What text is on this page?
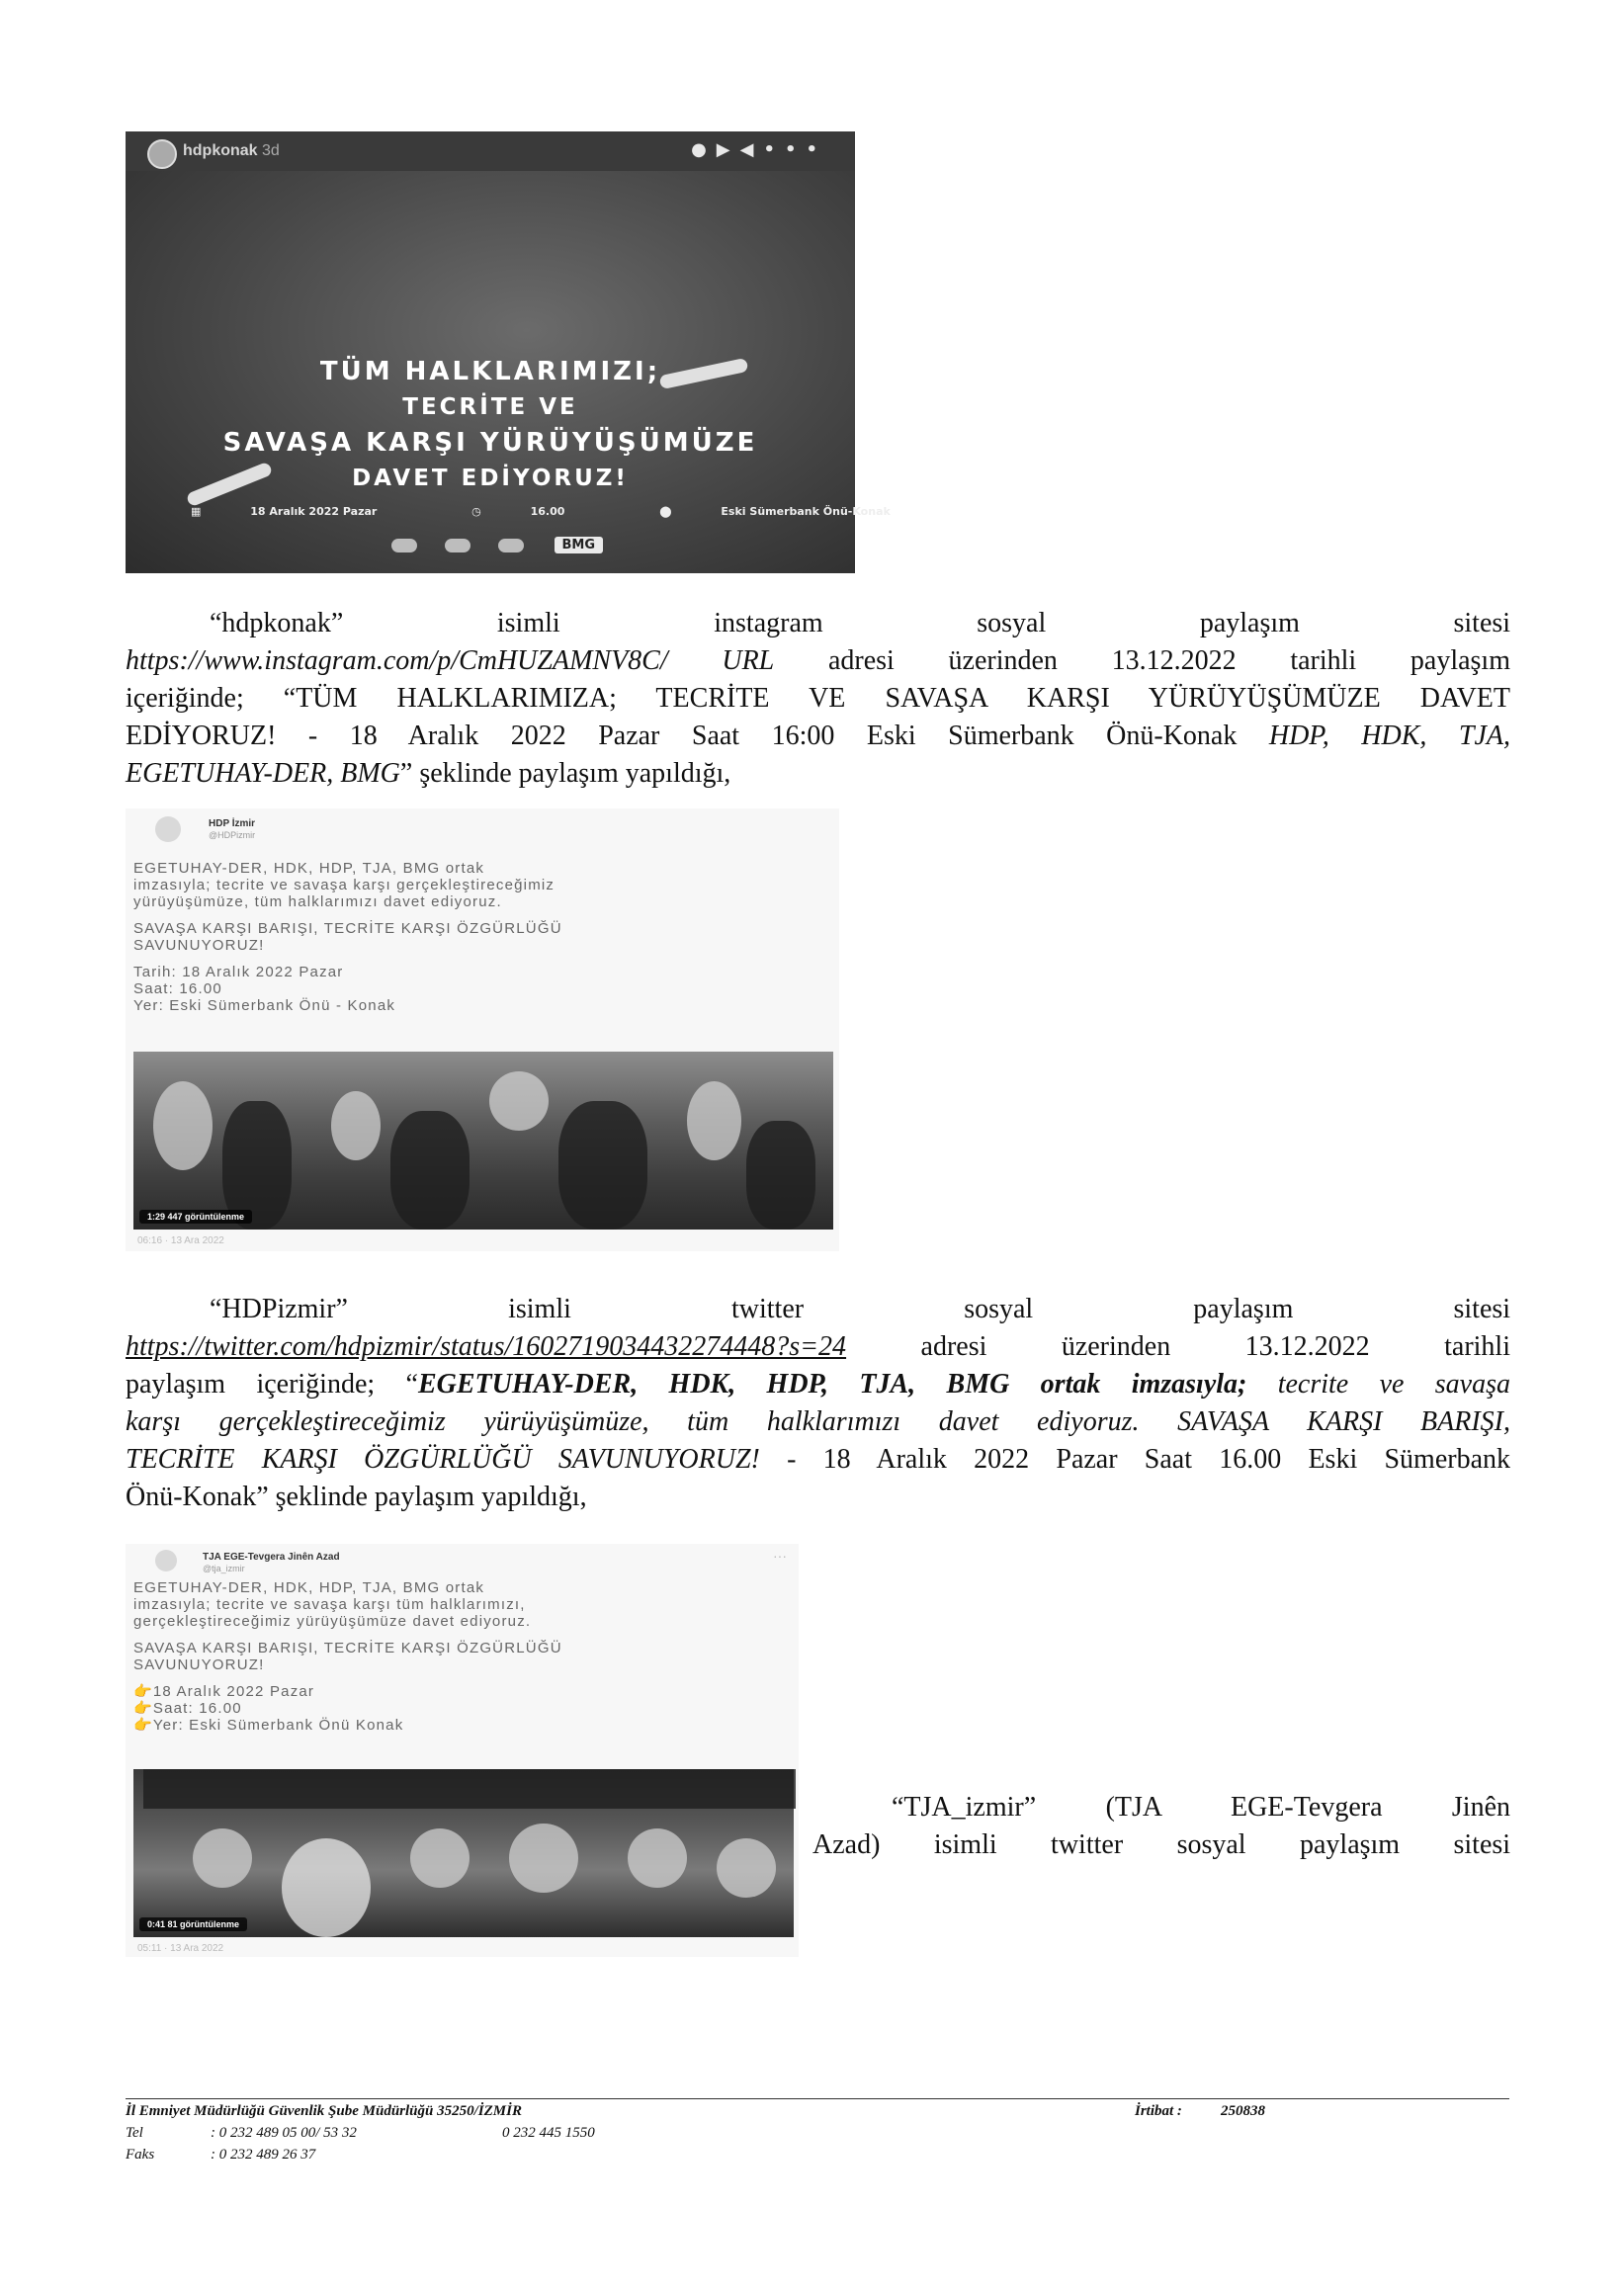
hdpkonak 3d	●▶◀•••
TÜM HALKLARIMIZI;
TECRİTE VE
SAVAŞA KARŞI YÜRÜYÜŞÜMÜZE
DAVET EDİYORUZ!
▦	18 Aralık 2022 Pazar	◷	16.00	⬤	Eski Sümerbank Önü-Konak
BMG
“hdpkonak”	isimli	instagram	sosyal	paylaşım	sitesi
https://www.instagram.com/p/CmHUZAMNV8C/ URL adresi üzerinden 13.12.2022 tarihli paylaşım
içeriğinde; “TÜM HALKLARIMIZA; TECRİTE VE SAVAŞA KARŞI YÜRÜYÜŞÜMÜZE DAVET
EDİYORUZ! - 18 Aralık 2022 Pazar Saat 16:00 Eski Sümerbank Önü-Konak HDP, HDK, TJA,
EGETUHAY-DER, BMG” şeklinde paylaşım yapıldığı,
HDP İzmir
@HDPizmir
EGETUHAY-DER, HDK, HDP, TJA, BMG ortak
imzasıyla; tecrite ve savaşa karşı gerçekleştireceğimiz
yürüyüşümüze, tüm halklarımızı davet ediyoruz.
SAVAŞA KARŞI BARIŞI, TECRİTE KARŞI ÖZGÜRLÜĞÜ
SAVUNUYORUZ!
Tarih: 18 Aralık 2022 Pazar
Saat: 16.00
Yer: Eski Sümerbank Önü - Konak
1:29 447 görüntülenme
06:16 · 13 Ara 2022
“HDPizmir”	isimli	twitter	sosyal	paylaşım	sitesi
https://twitter.com/hdpizmir/status/1602719034432274448?s=24 adresi üzerinden 13.12.2022 tarihli
paylaşım içeriğinde; “EGETUHAY-DER, HDK, HDP, TJA, BMG ortak imzasıyla; tecrite ve savaşa
karşı gerçekleştireceğimiz yürüyüşümüze, tüm halklarımızı davet ediyoruz. SAVAŞA KARŞI BARIŞI,
TECRİTE KARŞI ÖZGÜRLÜĞÜ SAVUNUYORUZ! - 18 Aralık 2022 Pazar Saat 16.00 Eski Sümerbank
Önü-Konak” şeklinde paylaşım yapıldığı,
TJA EGE-Tevgera Jinên Azad
@tja_izmir
···
EGETUHAY-DER, HDK, HDP, TJA, BMG ortak
imzasıyla; tecrite ve savaşa karşı tüm halklarımızı,
gerçekleştireceğimiz yürüyüşümüze davet ediyoruz.
SAVAŞA KARŞI BARIŞI, TECRİTE KARŞI ÖZGÜRLÜĞÜ
SAVUNUYORUZ!
👉18 Aralık 2022 Pazar
👉Saat: 16.00
👉Yer: Eski Sümerbank Önü Konak
0:41 81 görüntülenme
05:11 · 13 Ara 2022
“TJA_izmir”	(TJA	EGE-Tevgera	Jinên
Azad) isimli twitter sosyal paylaşım sitesi
İl Emniyet Müdürlüğü Güvenlik Şube Müdürlüğü 35250/İZMİR
Tel	: 0 232 489 05 00/ 53 32	0 232 445 1550
Faks	: 0 232 489 26 37
İrtibat :	250838
